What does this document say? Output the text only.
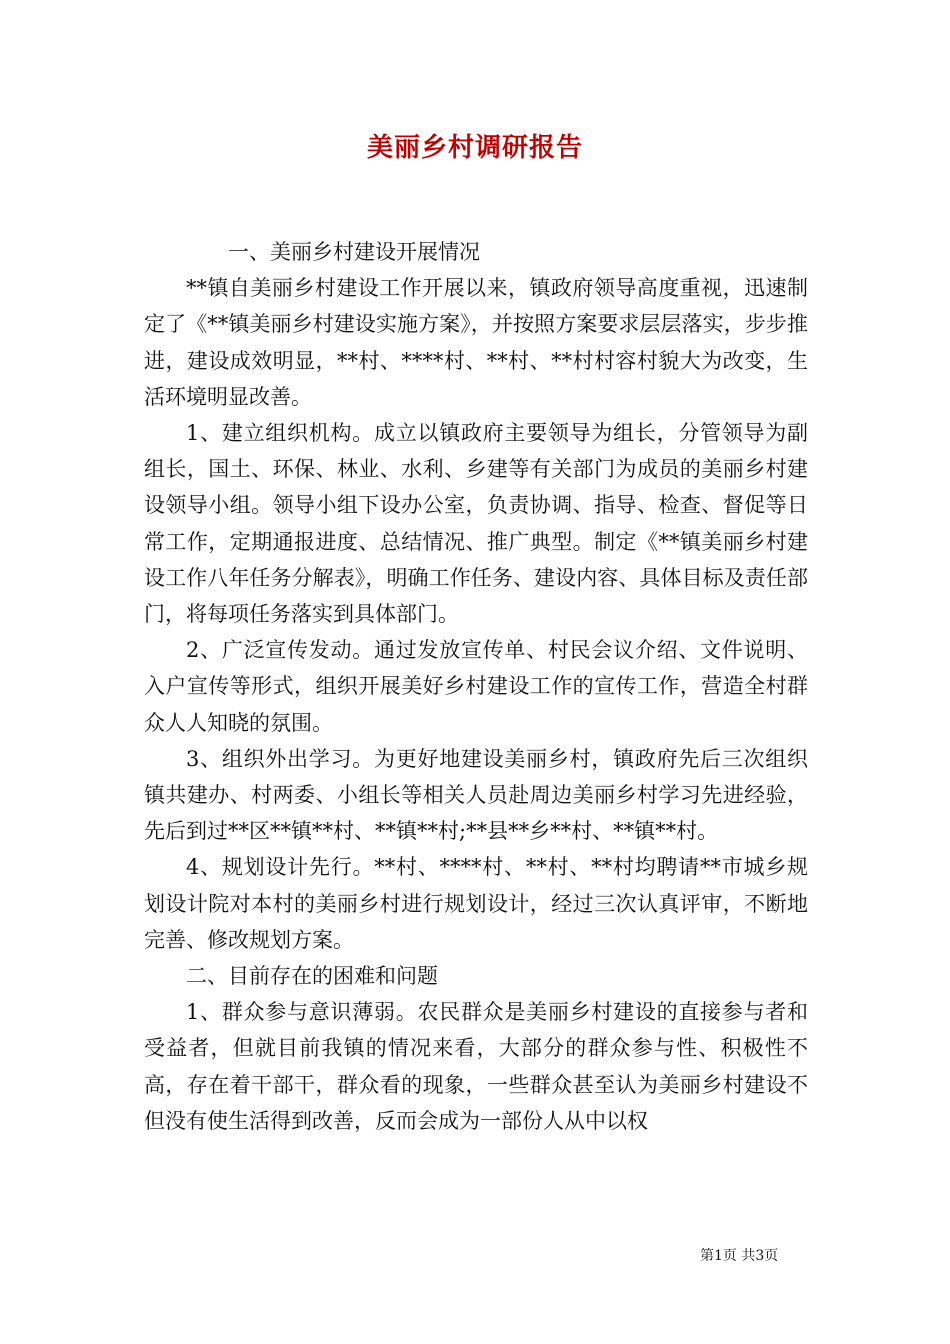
美丽乡村调研报告

一、美丽乡村建设开展情况

**镇自美丽乡村建设工作开展以来，镇政府领导高度重视，迅速制定了《**镇美丽乡村建设实施方案》，并按照方案要求层层落实，步步推进，建设成效明显，**村、****村、**村、**村村容村貌大为改变，生活环境明显改善。

1、建立组织机构。成立以镇政府主要领导为组长，分管领导为副组长，国土、环保、林业、水利、乡建等有关部门为成员的美丽乡村建设领导小组。领导小组下设办公室，负责协调、指导、检查、督促等日常工作，定期通报进度、总结情况、推广典型。制定《**镇美丽乡村建设工作八年任务分解表》，明确工作任务、建设内容、具体目标及责任部门，将每项任务落实到具体部门。

2、广泛宣传发动。通过发放宣传单、村民会议介绍、文件说明、入户宣传等形式，组织开展美好乡村建设工作的宣传工作，营造全村群众人人知晓的氛围。

3、组织外出学习。为更好地建设美丽乡村，镇政府先后三次组织镇共建办、村两委、小组长等相关人员赴周边美丽乡村学习先进经验，先后到过**区**镇**村、**镇**村;**县**乡**村、**镇**村。

4、规划设计先行。**村、****村、**村、**村均聘请**市城乡规划设计院对本村的美丽乡村进行规划设计，经过三次认真评审，不断地完善、修改规划方案。

二、目前存在的困难和问题

1、群众参与意识薄弱。农民群众是美丽乡村建设的直接参与者和受益者，但就目前我镇的情况来看，大部分的群众参与性、积极性不高，存在着干部干，群众看的现象，一些群众甚至认为美丽乡村建设不但没有使生活得到改善，反而会成为一部份人从中以权

第1页 共3页
